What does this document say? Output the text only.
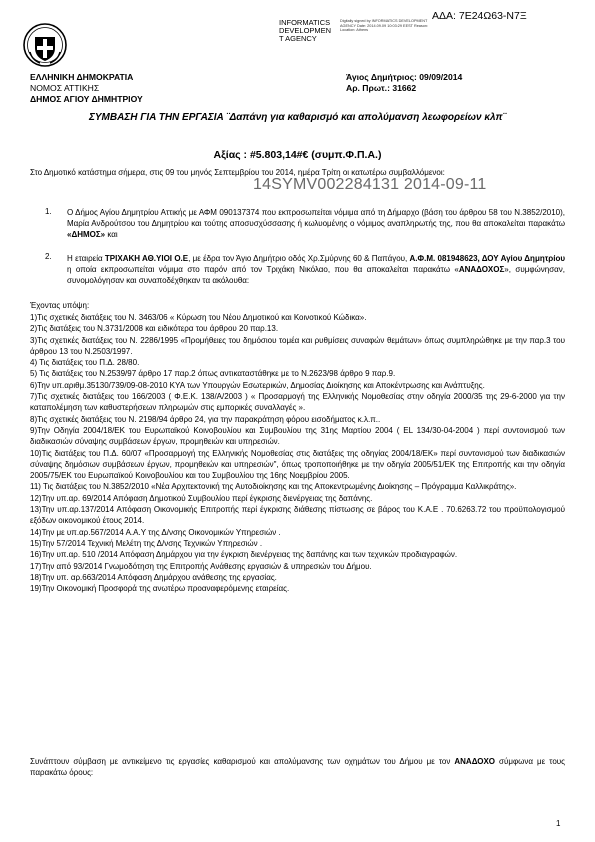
ΑΔΑ: 7Ε24Ω63-Ν7Ξ
INFORMATICS
DEVELOPMEN
T AGENCY
Digitally signed by INFORMATICS DEVELOPMENT AGENCY Date: 2014.09.09 10:03:29 EEST Reason: Location: Athens
ΕΛΛΗΝΙΚΗ ΔΗΜΟΚΡΑΤΙΑ
ΝΟΜΟΣ ΑΤΤΙΚΗΣ
ΔΗΜΟΣ ΑΓΙΟΥ ΔΗΜΗΤΡΙΟΥ
Άγιος Δημήτριος: 09/09/2014
Αρ. Πρωτ.: 31662
ΣΥΜΒΑΣΗ ΓΙΑ ΤΗΝ ΕΡΓΑΣΙΑ ¨Δαπάνη για καθαρισμό και απολύμανση λεωφορείων κλπ¨
Αξίας : #5.803,14#€ (συμπ.Φ.Π.Α.)
14SYMV002284131 2014-09-11
Στο Δημοτικό κατάστημα σήμερα, στις 09 του μηνός Σεπτεμβρίου του 2014, ημέρα Τρίτη οι κατωτέρω συμβαλλόμενοι:
1. Ο Δήμος Αγίου Δημητρίου Αττικής με ΑΦΜ 090137374 που εκπροσωπείται νόμιμα από τη Δήμαρχο (βάση του άρθρου 58 του Ν.3852/2010), Μαρία Ανδρούτσου του Δημητρίου και τούτης αποσυσχύσσασης ή κωλυομένης ο νόμιμος αναπληρωτής της, που θα αποκαλείται παρακάτω «ΔΗΜΟΣ» και
2. Η εταιρεία ΤΡΙΧΑΚΗ ΑΘ.ΥΙΟΙ Ο.Ε, με έδρα τον Άγιο Δημήτριο οδός Χρ.Σμύρνης 60 & Παπάγου, Α.Φ.Μ. 081948623, ΔΟΥ Αγίου Δημητρίου η οποία εκπροσωπείται νόμιμα στο παρόν από τον Τριχάκη Νικόλαο, που θα αποκαλείται παρακάτω «ΑΝΑΔΟΧΟΣ», συμφώνησαν, συνομολόγησαν και συναποδέχθηκαν τα ακόλουθα:
Έχοντας υπόψη:
1)Τις σχετικές διατάξεις του Ν. 3463/06 « Κύρωση του Νέου Δημοτικού και Κοινοτικού Κώδικα».
2)Τις διατάξεις του Ν.3731/2008 και ειδικότερα του άρθρου 20 παρ.13.
3)Τις σχετικές διατάξεις του Ν. 2286/1995 «Προμήθειες του δημόσιου τομέα και ρυθμίσεις συναφών θεμάτων» όπως συμπληρώθηκε με την παρ.3 του άρθρου 13 του Ν.2503/1997.
4) Τις διατάξεις του Π.Δ. 28/80.
5) Τις διατάξεις του Ν.2539/97 άρθρο 17 παρ.2 όπως αντικαταστάθηκε με το Ν.2623/98 άρθρο 9 παρ.9.
6)Την υπ.αριθμ.35130/739/09-08-2010 ΚΥΑ των Υπουργών Εσωτερικών, Δημοσίας Διοίκησης και Αποκέντρωσης και Ανάπτυξης.
7)Τις σχετικές διατάξεις του 166/2003 ( Φ.Ε.Κ. 138/Α/2003 ) « Προσαρμογή της Ελληνικής Νομοθεσίας στην οδηγία 2000/35 της 29-6-2000 για την καταπολέμηση των καθυστερήσεων πληρωμών στις εμπορικές συναλλαγές ».
8)Τις σχετικές διατάξεις του Ν. 2198/94 άρθρο 24, για την παρακράτηση φόρου εισοδήματος κ.λ.π..
9)Την Οδηγία 2004/18/ΕΚ του Ευρωπαϊκού Κοινοβουλίου και Συμβουλίου της 31ης Μαρτίου 2004 ( EL 134/30-04-2004 ) περί συντονισμού των διαδικασιών σύναψης συμβάσεων έργων, προμηθειών και υπηρεσιών.
10)Τις διατάξεις του Π.Δ. 60/07 «Προσαρμογή της Ελληνικής Νομοθεσίας στις διατάξεις της οδηγίας 2004/18/ΕΚ» περί συντονισμού των διαδικασιών σύναψης δημόσιων συμβάσεων έργων, προμηθειών και υπηρεσιών", όπως τροποποιήθηκε με την οδηγία 2005/51/ΕΚ της Επιτροπής και την οδηγία 2005/75/ΕΚ του Ευρωπαϊκού Κοινοβουλίου και του Συμβουλίου της 16ης Νοεμβρίου 2005.
11) Τις διατάξεις του Ν.3852/2010 «Νέα Αρχιτεκτονική της Αυτοδιοίκησης και της Αποκεντρωμένης Διοίκησης – Πρόγραμμα Καλλικράτης».
12)Την υπ.αρ. 69/2014 Απόφαση Δημοτικού Συμβουλίου περί έγκρισης διενέργειας της δαπάνης.
13)Την υπ.αρ.137/2014 Απόφαση Οικονομικής Επιτροπής περί έγκρισης διάθεσης πίστωσης σε βάρος του Κ.Α.Ε . 70.6263.72 του προϋπολογισμού εξόδων οικονομικού έτους 2014.
14)Την με υπ.αρ.567/2014 Α.Α.Υ της Δ/νσης Οικονομικών Υπηρεσιών .
15)Την 57/2014 Τεχνική Μελέτη της Δ/νσης Τεχνικών Υπηρεσιών .
16)Την υπ.αρ. 510 /2014 Απόφαση Δημάρχου για την έγκριση διενέργειας της δαπάνης και των τεχνικών προδιαγραφών.
17)Την από 93/2014 Γνωμοδότηση της Επιτροπής Ανάθεσης εργασιών & υπηρεσιών του Δήμου.
18)Την υπ. αρ.663/2014 Απόφαση Δημάρχου ανάθεσης της εργασίας.
19)Την Οικονομική Προσφορά της ανωτέρω προαναφερόμενης εταιρείας.
Συνάπτουν σύμβαση με αντικείμενο τις εργασίες καθαρισμού και απολύμανσης των οχημάτων του Δήμου με τον ΑΝΑΔΟΧΟ σύμφωνα με τους παρακάτω όρους:
1
